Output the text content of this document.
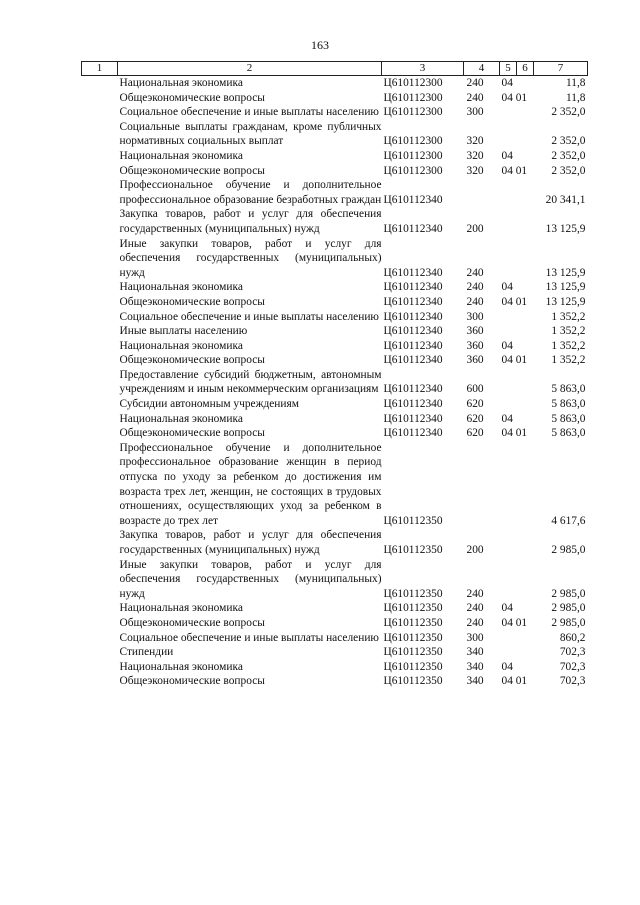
163
1	2	3	4	5	6	7
	Национальная экономика	Ц610112300	240	04		11,8
	Общеэкономические вопросы	Ц610112300	240	04 01		11,8
	Социальное обеспечение и иные выплаты населению	Ц610112300	300			2 352,0
	Социальные выплаты гражданам, кроме публичных нормативных социальных выплат	Ц610112300	320			2 352,0
	Национальная экономика	Ц610112300	320	04		2 352,0
	Общеэкономические вопросы	Ц610112300	320	04 01		2 352,0
	Профессиональное обучение и дополнительное профессиональное образование безработных граждан	Ц610112340				20 341,1
	Закупка товаров, работ и услуг для обеспечения государственных (муниципальных) нужд	Ц610112340	200			13 125,9
	Иные закупки товаров, работ и услуг для обеспечения государственных (муниципальных) нужд	Ц610112340	240			13 125,9
	Национальная экономика	Ц610112340	240	04		13 125,9
	Общеэкономические вопросы	Ц610112340	240	04 01		13 125,9
	Социальное обеспечение и иные выплаты населению	Ц610112340	300			1 352,2
	Иные выплаты населению	Ц610112340	360			1 352,2
	Национальная экономика	Ц610112340	360	04		1 352,2
	Общеэкономические вопросы	Ц610112340	360	04 01		1 352,2
	Предоставление субсидий бюджетным, автономным учреждениям и иным некоммерческим организациям	Ц610112340	600			5 863,0
	Субсидии автономным учреждениям	Ц610112340	620			5 863,0
	Национальная экономика	Ц610112340	620	04		5 863,0
	Общеэкономические вопросы	Ц610112340	620	04 01		5 863,0
	Профессиональное обучение и дополнительное профессиональное образование женщин в период отпуска по уходу за ребенком до достижения им возраста трех лет, женщин, не состоящих в трудовых отношениях, осуществляющих уход за ребенком в возрасте до трех лет	Ц610112350				4 617,6
	Закупка товаров, работ и услуг для обеспечения государственных (муниципальных) нужд	Ц610112350	200			2 985,0
	Иные закупки товаров, работ и услуг для обеспечения государственных (муниципальных) нужд	Ц610112350	240			2 985,0
	Национальная экономика	Ц610112350	240	04		2 985,0
	Общеэкономические вопросы	Ц610112350	240	04 01		2 985,0
	Социальное обеспечение и иные выплаты населению	Ц610112350	300			860,2
	Стипендии	Ц610112350	340			702,3
	Национальная экономика	Ц610112350	340	04		702,3
	Общеэкономические вопросы	Ц610112350	340	04 01		702,3
